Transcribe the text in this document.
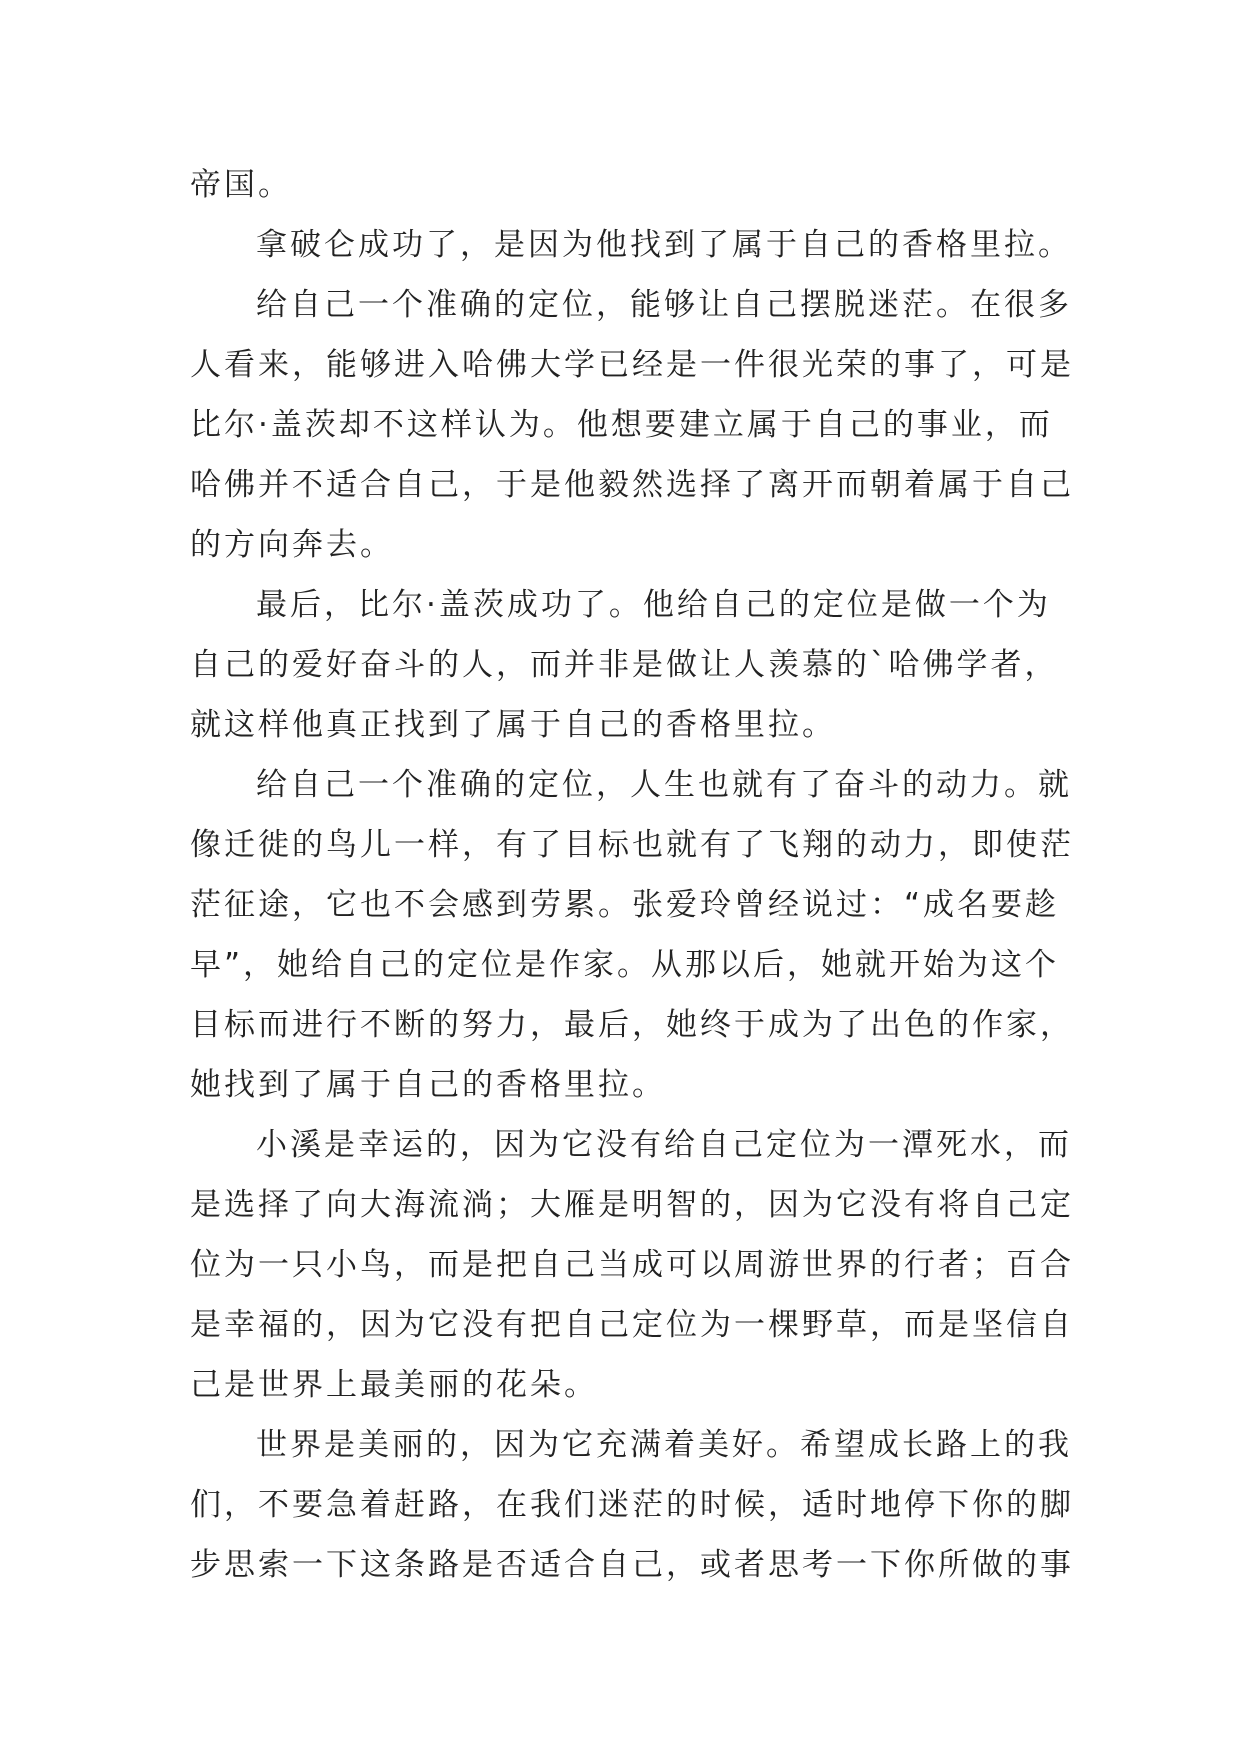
帝国。
拿破仑成功了，是因为他找到了属于自己的香格里拉。
给自己一个准确的定位，能够让自己摆脱迷茫。在很多
人看来，能够进入哈佛大学已经是一件很光荣的事了，可是
比尔·盖茨却不这样认为。他想要建立属于自己的事业，而
哈佛并不适合自己，于是他毅然选择了离开而朝着属于自己
的方向奔去。
最后，比尔·盖茨成功了。他给自己的定位是做一个为
自己的爱好奋斗的人，而并非是做让人羡慕的`哈佛学者，
就这样他真正找到了属于自己的香格里拉。
给自己一个准确的定位，人生也就有了奋斗的动力。就
像迁徙的鸟儿一样，有了目标也就有了飞翔的动力，即使茫
茫征途，它也不会感到劳累。张爱玲曾经说过：“成名要趁
早”，她给自己的定位是作家。从那以后，她就开始为这个
目标而进行不断的努力，最后，她终于成为了出色的作家，
她找到了属于自己的香格里拉。
小溪是幸运的，因为它没有给自己定位为一潭死水，而
是选择了向大海流淌；大雁是明智的，因为它没有将自己定
位为一只小鸟，而是把自己当成可以周游世界的行者；百合
是幸福的，因为它没有把自己定位为一棵野草，而是坚信自
己是世界上最美丽的花朵。
世界是美丽的，因为它充满着美好。希望成长路上的我
们，不要急着赶路，在我们迷茫的时候，适时地停下你的脚
步思索一下这条路是否适合自己，或者思考一下你所做的事
